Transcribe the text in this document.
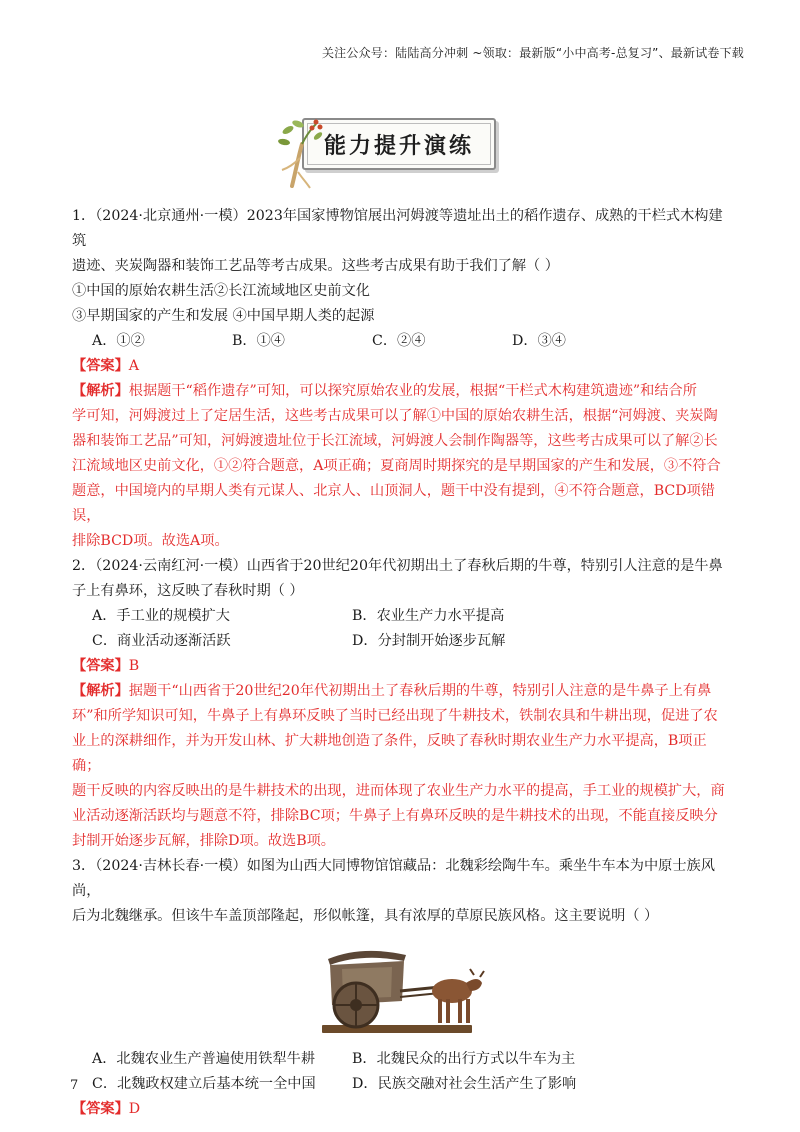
关注公众号：陆陆高分冲刺 ~领取：最新版“小中高考-总复习”、最新试卷下载
能力提升演练

1．（2024·北京通州·一模）2023年国家博物馆展出河姆渡等遗址出土的稻作遗存、成熟的干栏式木构建筑

遗迹、夹炭陶器和装饰工艺品等考古成果。这些考古成果有助于我们了解（ ）

①中国的原始农耕生活②长江流域地区史前文化

③早期国家的产生和发展 ④中国早期人类的起源

A．①②	B．①④	C．②④	D．③④

【答案】A

【解析】根据题干“稻作遗存”可知，可以探究原始农业的发展，根据“干栏式木构建筑遗迹”和结合所

学可知，河姆渡过上了定居生活，这些考古成果可以了解①中国的原始农耕生活，根据“河姆渡、夹炭陶

器和装饰工艺品”可知，河姆渡遗址位于长江流域，河姆渡人会制作陶器等，这些考古成果可以了解②长

江流域地区史前文化，①②符合题意，A项正确；夏商周时期探究的是早期国家的产生和发展，③不符合

题意，中国境内的早期人类有元谋人、北京人、山顶洞人，题干中没有提到，④不符合题意，BCD项错误，

排除BCD项。故选A项。

2．（2024·云南红河·一模）山西省于20世纪20年代初期出土了春秋后期的牛尊，特别引人注意的是牛鼻

子上有鼻环，这反映了春秋时期（ ）

A．手工业的规模扩大	B．农业生产力水平提高
C．商业活动逐渐活跃	D．分封制开始逐步瓦解

【答案】B

【解析】据题干“山西省于20世纪20年代初期出土了春秋后期的牛尊，特别引人注意的是牛鼻子上有鼻

环”和所学知识可知，牛鼻子上有鼻环反映了当时已经出现了牛耕技术，铁制农具和牛耕出现，促进了农

业上的深耕细作，并为开发山林、扩大耕地创造了条件，反映了春秋时期农业生产力水平提高，B项正确；

题干反映的内容反映出的是牛耕技术的出现，进而体现了农业生产力水平的提高，手工业的规模扩大，商

业活动逐渐活跃均与题意不符，排除BC项；牛鼻子上有鼻环反映的是牛耕技术的出现，不能直接反映分

封制开始逐步瓦解，排除D项。故选B项。

3．（2024·吉林长春·一模）如图为山西大同博物馆馆藏品：北魏彩绘陶牛车。乘坐牛车本为中原士族风尚，

后为北魏继承。但该牛车盖顶部隆起，形似帐篷，具有浓厚的草原民族风格。这主要说明（ ）

A．北魏农业生产普遍使用铁犁牛耕	B．北魏民众的出行方式以牛车为主
C．北魏政权建立后基本统一全中国	D．民族交融对社会生活产生了影响

【答案】D

7
